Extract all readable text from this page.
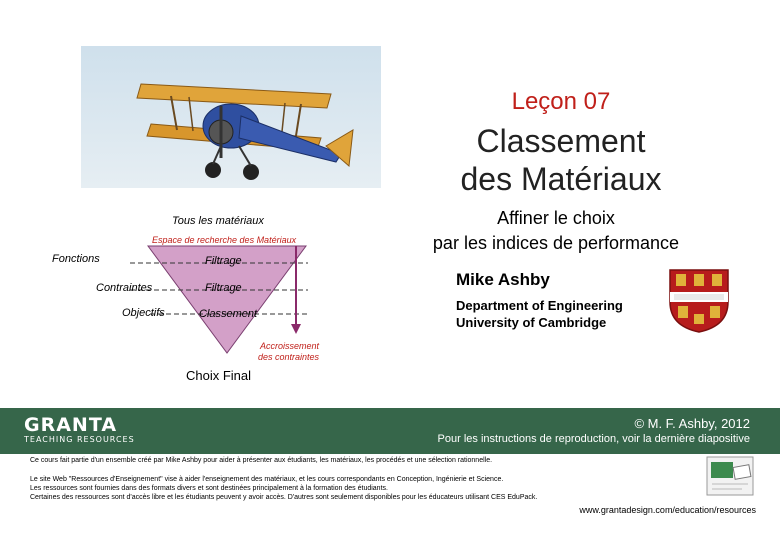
Leçon 07
Classement
des Matériaux
Affiner le choix
par les indices de performance
Mike Ashby
Department of Engineering
University of Cambridge
Tous les matériaux
Espace de recherche des Matériaux
Fonctions
Contraintes
Objectifs
Filtrage
Filtrage
Classement
Accroissement
des contraintes
Choix Final
GRANTA
TEACHING RESOURCES
© M. F. Ashby, 2012
Pour les instructions de reproduction, voir la dernière diapositive
Ce cours fait partie d'un ensemble créé par Mike Ashby pour aider à présenter aux étudiants, les matériaux, les procédés et une sélection rationnelle.
Le site Web "Ressources d'Enseignement" vise à aider l'enseignement des matériaux, et les cours correspondants en Conception, Ingénierie et Science.
Les ressources sont fournies dans des formats divers et sont destinées principalement à la formation des étudiants.
Certaines des ressources sont d'accès libre et les étudiants peuvent y avoir accès. D'autres sont seulement disponibles pour les éducateurs utilisant CES EduPack.
www.grantadesign.com/education/resources
